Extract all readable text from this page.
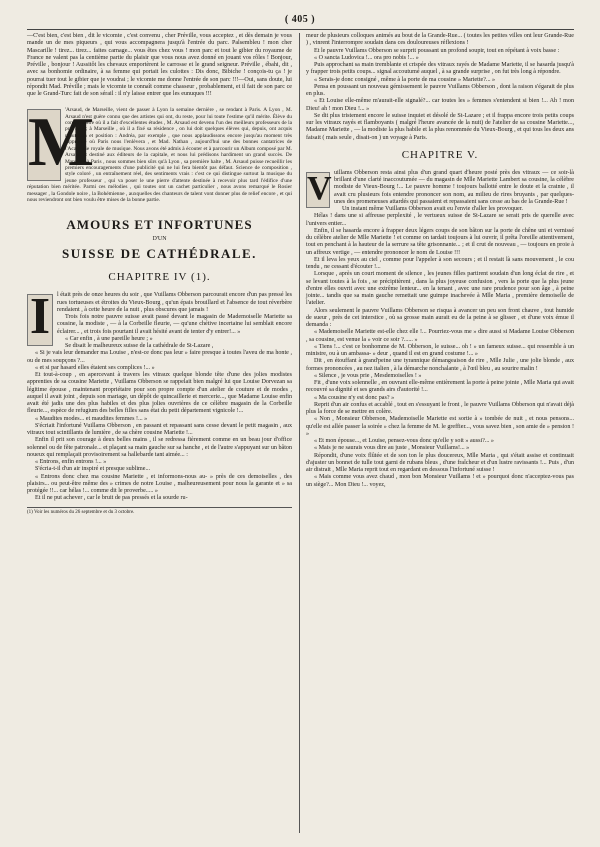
( 405 )

—C'est bien, c'est bien , dit le vicomte , c'est convenu , cher Préville, vous acceptez , et dès demain je vous mande un de mes piqueurs , qui vous accompagnera jusqu'à l'entrée du parc. Palsembleu ! mon cher Mascarille ! tirez... tirez... faites carnage... vous êtes chez vous ! mon parc et tout le gibier du royaume de France ne valent pas la centième partie du plaisir que vous nous avez donné en jouant vos rôles ! Bonjour, Préville , bonjour ! Aussitôt les chevaux emportèrent le carrosse et le grand seigneur. Préville , ébahi, dit , avec sa bonhomie ordinaire, à sa femme qui portait les culottes : Dis donc, Bibiche ! conçois-tu ça ! je pourrai tuer tout le gibier que je voudrai ; le vicomte me donne l'entrée de son parc !!!—Oui, sans doute, lui répondit Mad. Préville ; mais le vicomte te connaît comme chasseur , probablement, et il fait de son parc ce que le Grand-Turc fait de son sérail : il n'y laisse entrer que les eunuques !!!

M
'Arsaud, de Marseille, vient de passer à Lyon la semaine dernière , se rendant à Paris. A Lyon , M. Arsaud n'est guère connu que des artistes qui ont, du reste, pour lui toute l'estime qu'il mérite. Élève du conservatoire où il a fait d'excellentes études , M. Arsaud est devenu l'un des meilleurs professeurs de la province ; à Marseille , où il a fixé sa résidence , on lui doit quelques élèves qui, depuis, ont acquis réputation et position : Andréa, par exemple , que nous applaudissons encore jusqu'au moment très rapproché où Paris nous l'enlèvera , et Mad. Nathan , aujourd'hui une des bonnes cantatrices de l'Académie royale de musique. Nous avons été admis à écouter et à parcourir un Album composé par M. Arsaud et destiné aux éditeurs de la capitale, et nous lui prédisons hardiment un grand succès. De Marseille à Paris , nous sommes bien sûrs qu'à Lyon , sa première halte , M. Arsaud puisse recueillir les premiers encouragements d'une publicité qui ne lui fera bientôt pas défaut. Science de composition , style coloré , un entraînement réel, des sentiments vrais : c'est ce qui distingue surtout la musique du jeune professeur , qui va poser le une pierre d'attente destinée à recevoir plus tard l'édifice d'une réputation bien méritée. Parmi ces mélodies , qui toutes ont un cachet particulier , nous avons remarqué le Rosier messager , la Gondole noire , la Bohémienne , auxquelles des chanteurs de talent vont donner plus de relief encore , et qui nous reviendront ont bien voulu être mises de la bonne partie.
AMOURS ET INFORTUNES
D'UN
SUISSE DE CATHÉDRALE.
CHAPITRE IV (1).
I	l était près de onze heures du soir , que Vuillams Obberson parcourait encore d'un pas pressé les rues tortueuses et étroites du Vieux-Bourg , qu'un épais brouillard et l'absence de tout réverbère rendaient , à cette heure de la nuit , plus obscures que jamais !

Trois fois notre pauvre suisse avait passé devant le magasin de Mademoiselle Mariette sa cousine, la modiste , — à la Corbeille fleurie, — qu'une chétive incertaine lui semblait encore éclairer... , et trois fois pourtant il avait hésité avant de tenter d'y entrer!... »

« Car enfin , à une pareille heure ; »

Se disait le malheureux suisse de la cathédrale de St-Lazare ,

« Si je vais leur demander ma Louise , n'est-ce donc pas leur » faire presque à toutes l'aveu de ma honte , ou de mes soupçons ?...

« et si par hasard elles étaient ses complices !... »

Et tout-à-coup , en apercevant à travers les vitraux quelque blonde tête d'une des jolies modistes apprenties de sa cousine Mariette , Vuillams Obberson se rappelait bien malgré lui que Louise Dorvezan sa légitime épouse , maintenant propriétaire pour son propre compte d'un atelier de couture et de modes , auquel il avait joint , depuis son mariage, un dépôt de quincaillerie et mercerie..., que Madame Louise enfin avait été jadis une des plus habiles et des plus jolies ouvrières de ce célèbre magasin de la Corbeille fleurie..., espèce de refugium des belles filles sans état du petit département vignicole !...

« Maudites modes... et maudites femmes !... »

S'écriait l'infortuné Vuillams Obberson , en passant et repassant sans cesse devant le petit magasin , aux vitraux tout scintillants de lumière , de sa chère cousine Mariette !...

Enfin il prit son courage à deux belles mains , il se redressa fièrement comme en un beau jour d'office solennel ou de fête patronale... et plaçant sa main gauche sur sa hanche , et de l'autre s'appuyant sur un bâton noueux qui remplaçait provisoirement sa hallebarde tant aimée... :

« Entrons, enfin entrons !... »

S'écria-t-il d'un air inspiré et presque sublime...

« Entrons donc chez ma cousine Mariette , et informons-nous au- » près de ces demoiselles , des plaisirs... ou peut-être même des » crimes de notre Louise , malheureusement pour nous la garante et » sa protégée !!... car hélas !... comme dit le proverbe..... »

Et il ne put achever , car le bruit de pas pressés et la sourde ru-

(1) Voir les numéros du 26 septembre et du 3 octobre.

meur de plusieurs colloques animés au bout de la Grande-Rue... ( toutes les petites villes ont leur Grande-Rue ) , vinrent l'interrompre soudain dans ces douloureuses réflexions !

Et le pauvre Vuillams Obberson se surprit poussant un profond soupir, tout en répétant à voix basse :

« O sancta Ludovica !... ora pro nobis !... »

Puis approchant sa main tremblante et crispée des vitraux rayés de Madame Mariette, il se hasarda jusqu'à y frapper trois petits coups... signal accoutumé auquel , à sa grande surprise , on fut très long à répondre.

« Serais-je donc consigné , même à la porte de ma cousine » Mariette?... »

Pensa en poussant un nouveau gémissement le pauvre Vuillams Obberson , dont la raison s'égarait de plus en plus.

« Et Louise elle-même m'aurait-elle signalé?... car toutes les » femmes s'entendent si bien !... Ah ! mon Dieu! ah ! mon Dieu !... »

Se dit plus tristement encore le suisse inquiet et désolé de St-Lazare ; et il frappa encore trois petits coups sur les vitraux rayés et flamboyants ( malgré l'heure avancée de la nuit) de l'atelier de sa cousine Mariette..., Madame Mariette , — la modiste la plus habile et la plus renommée du Vieux-Bourg , et qui tous les deux ans faisait ( mais seule , disait-on ) un voyage à Paris.

CHAPITRE V.
V uillams Obberson resta ainsi plus d'un grand quart d'heure posté près des vitraux — ce soir-là brillant d'une clarté inaccoutumée — du magasin de Mlle Mariette Lambert sa cousine, la célèbre modiste de Vieux-Bourg !... Le pauvre homme ! toujours ballotté entre le doute et la crainte , il avait cru plusieurs fois entendre prononcer son nom, au milieu de rires bruyants , par quelques-unes des promeneuses attardés qui passaient et repassaient sans cesse au bas de la Grande-Rue !

Un instant même Vuillams Obberson avait eu l'envie d'aller les provoquer.

Hélas ! dans une si affreuse perplexité , le vertueux suisse de St-Lazare se serait pris de querelle avec l'univers entier...

Enfin, il se hasarda encore à frapper deux légers coups de son bâton sur la porte de chêne uni et vernissé du célèbre atelier de Mlle Mariette ! et comme on tardait toujours à lui ouvrir, il prêta l'oreille attentivement, tout en penchant à la hauteur de la serrure sa tête grisonnante... ; et il crut de nouveau , — toujours en proie à un affreux vertige , — entendre prononcer le nom de Louise !!!

Et il leva les yeux au ciel , comme pour l'appeler à son secours ; et il restait là sans mouvement , le cou tendu , ne cessant d'écouter !...

Lorsque , après un court moment de silence , les jeunes filles partirent soudain d'un long éclat de rire , et se levant toutes à la fois , se précipitèrent , dans la plus joyeuse confusion , vers la porte que la plus jeune d'entre elles ouvrit avec une extrême lenteur... en la tenant , avec une rare prudence pour son âge , à peine jointe... tandis que sa main gauche remettait une guimpe inachevée à Mlle Maria , première demoiselle de l'atelier.

Alors seulement le pauvre Vuillams Obberson se risqua à avancer un peu son front chauve , tout humide de sueur , près de cet interstice , où sa grosse main aurait eu de la peine à se glisser , et d'une voix émue il demanda :

« Mademoiselle Mariette est-elle chez elle !... Pourriez-vous me » dire aussi si Madame Louise Obberson , sa cousine, est venue la » voir ce soir ?...... »

« Tiens !... c'est ce bonhomme de M. Obberson, le suisse... oh ! » un fameux suisse... qui ressemble à un ministre, ou à un ambassa- » deur , quand il est en grand costume !... »

Dit , en étouffant à grand'peine une tyrannique démangeaison de rire , Mlle Julie , une jolie blonde , aux formes prononcées , au nez italien , à la démarche nonchalante , à l'œil bleu , au sourire malin !

« Silence , je vous prie , Mesdemoiselles ! »

Fit , d'une voix solennelle , en ouvrant elle-même entièrement la porte à peine jointe , Mlle Maria qui avait recouvré sa dignité et ses grands airs d'autorité !...

« Ma cousine n'y est donc pas? »

Reprit d'un air confus et accablé , tout en s'essuyant le front , le pauvre Vuillams Obberson qui n'avait déjà plus la force de se mettre en colère.

« Non , Monsieur Obberson, Mademoiselle Mariette est sortie à » tombée de nuit , et nous pensons... qu'elle est allée passer la soirée » chez la femme de M. le greffier..., vous savez bien , son amie de » pension ! »

« Et mon épouse..., et Louise, pensez-vous donc qu'elle y soit » aussi?... »

« Mais je ne saurais vous dire au juste , Monsieur Vuillams!... »

Répondit, d'une voix flûtée et de son ton le plus doucereux, Mlle Maria , qui s'était assise et continuait d'ajuster un bonnet de tulle tout garni de rubans bleus , d'une fraîcheur et d'un lustre ravissants !... Puis , d'un air distrait , Mlle Maria reprit tout en regardant en dessous l'infortuné suisse !

« Mais comme vous avez chaud , mon bon Monsieur Vuillams ! et » pourquoi donc n'acceptez-vous pas un siège?... Mon Dieu !... voyez,
